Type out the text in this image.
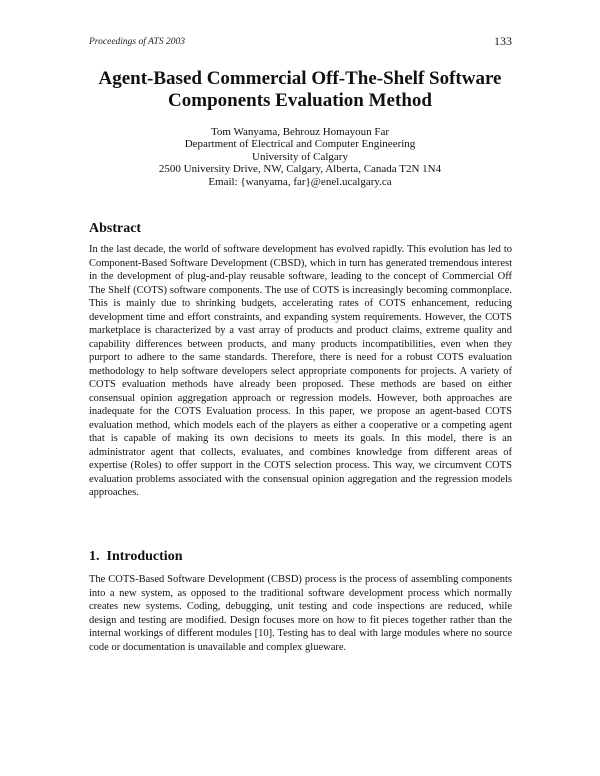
Proceedings of ATS 2003	133
Agent-Based Commercial Off-The-Shelf Software
Components Evaluation Method
Tom Wanyama, Behrouz Homayoun Far
Department of Electrical and Computer Engineering
University of Calgary
2500 University Drive, NW, Calgary, Alberta, Canada T2N 1N4
Email: {wanyama, far}@enel.ucalgary.ca
Abstract

In the last decade, the world of software development has evolved rapidly. This evolution has led to Component-Based Software Development (CBSD), which in turn has generated tremendous interest in the development of plug-and-play reusable software, leading to the concept of Commercial Off The Shelf (COTS) software components. The use of COTS is increasingly becoming commonplace. This is mainly due to shrinking budgets, accelerating rates of COTS enhancement, reducing development time and effort constraints, and expanding system requirements. However, the COTS marketplace is characterized by a vast array of products and product claims, extreme quality and capability differences between products, and many products incompatibilities, even when they purport to adhere to the same standards. Therefore, there is need for a robust COTS evaluation methodology to help software developers select appropriate components for projects. A variety of COTS evaluation methods have already been proposed. These methods are based on either consensual opinion aggregation approach or regression models. However, both approaches are inadequate for the COTS Evaluation process. In this paper, we propose an agent-based COTS evaluation method, which models each of the players as either a cooperative or a competing agent that is capable of making its own decisions to meets its goals. In this model, there is an administrator agent that collects, evaluates, and combines knowledge from different areas of expertise (Roles) to offer support in the COTS selection process. This way, we circumvent COTS evaluation problems associated with the consensual opinion aggregation and the regression models approaches.

1. Introduction

The COTS-Based Software Development (CBSD) process is the process of assembling components into a new system, as opposed to the traditional software development process which normally creates new systems. Coding, debugging, unit testing and code inspections are reduced, while design and testing are modified. Design focuses more on how to fit pieces together rather than the internal workings of different modules [10]. Testing has to deal with large modules where no source code or documentation is unavailable and complex glueware.
